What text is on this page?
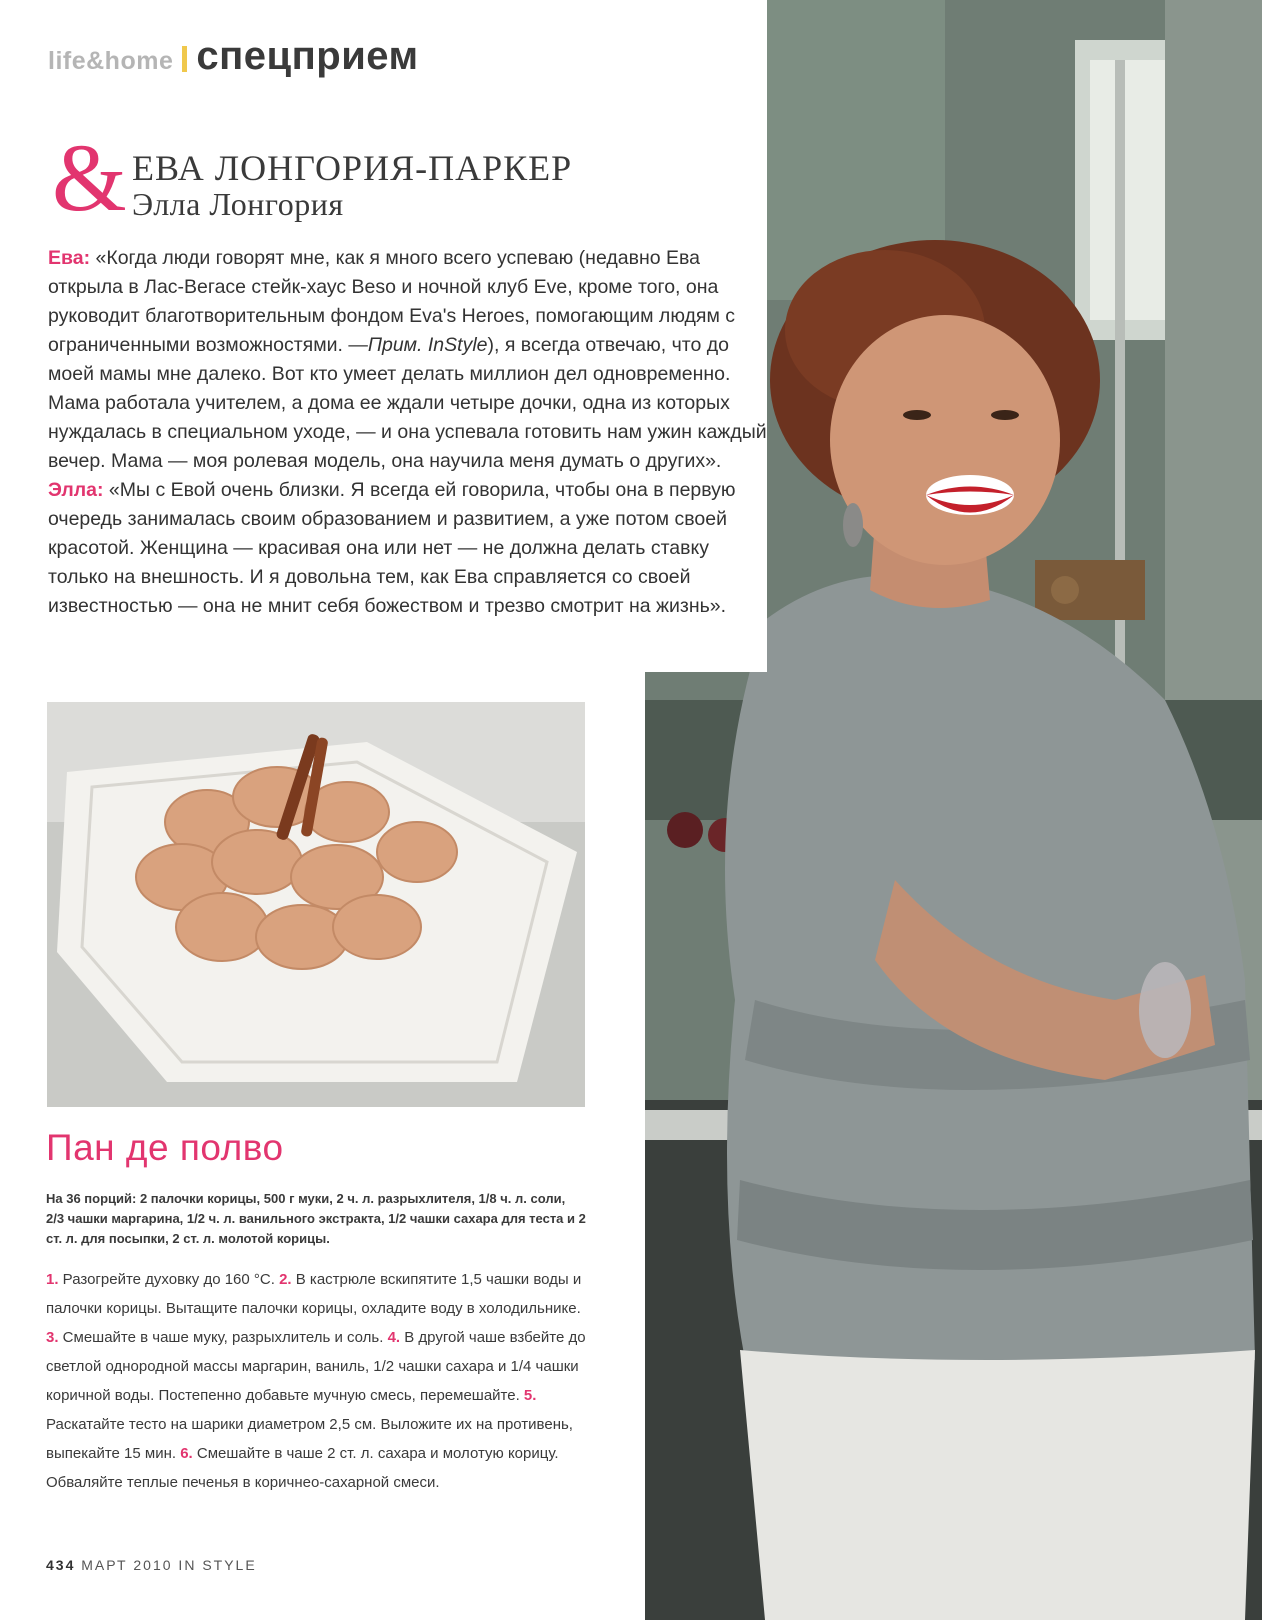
life&home спецприем
& ЕВА ЛОНГОРИЯ-ПАРКЕР
Элла Лонгория

Ева: «Когда люди говорят мне, как я много всего успеваю (недавно Ева открыла в Лас-Вегасе стейк-хаус Beso и ночной клуб Eve, кроме того, она руководит благотворительным фондом Eva's Heroes, помогающим людям с ограниченными возможностями. —Прим. InStyle), я всегда отвечаю, что до моей мамы мне далеко. Вот кто умеет делать миллион дел одновременно. Мама работала учителем, а дома ее ждали четыре дочки, одна из которых нуждалась в специальном уходе, — и она успевала готовить нам ужин каждый вечер. Мама — моя ролевая модель, она научила меня думать о других».

Элла: «Мы с Евой очень близки. Я всегда ей говорила, чтобы она в первую очередь занималась своим образованием и развитием, а уже потом своей красотой. Женщина — красивая она или нет — не должна делать ставку только на внешность. И я довольна тем, как Ева справляется со своей известностью — она не мнит себя божеством и трезво смотрит на жизнь».

Пан де полво
На 36 порций: 2 палочки корицы, 500 г муки, 2 ч. л. разрыхлителя, 1/8 ч. л. соли, 2/3 чашки маргарина, 1/2 ч. л. ванильного экстракта, 1/2 чашки сахара для теста и 2 ст. л. для посыпки, 2 ст. л. молотой корицы.
1. Разогрейте духовку до 160 °С. 2. В кастрюле вскипятите 1,5 чашки воды и палочки корицы. Вытащите палочки корицы, охладите воду в холодильнике. 3. Смешайте в чаше муку, разрыхлитель и соль. 4. В другой чаше взбейте до светлой однородной массы маргарин, ваниль, 1/2 чашки сахара и 1/4 чашки коричной воды. Постепенно добавьте мучную смесь, перемешайте. 5. Раскатайте тесто на шарики диаметром 2,5 см. Выложите их на противень, выпекайте 15 мин. 6. Смешайте в чаше 2 ст. л. сахара и молотую корицу. Обваляйте теплые печенья в коричнео-сахарной смеси.
434 МАРТ 2010 IN STYLE
